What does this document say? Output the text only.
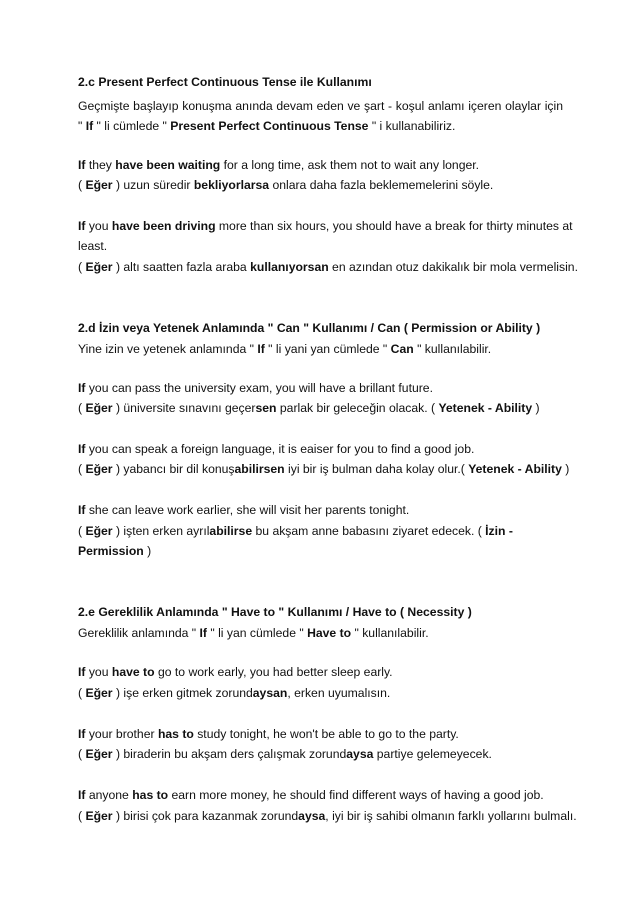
2.c Present Perfect Continuous Tense ile Kullanımı

Geçmişte başlayıp konuşma anında devam eden ve şart - koşul anlamı içeren olaylar için

" If " li cümlede " Present Perfect Continuous Tense " i kullanabiliriz.

If they have been waiting for a long time, ask them not to wait any longer.

( Eğer ) uzun süredir bekliyorlarsa onlara daha fazla beklememelerini söyle.

If you have been driving more than six hours, you should have a break for thirty minutes at

least.

( Eğer ) altı saatten fazla araba kullanıyorsan en azından otuz dakikalık bir mola vermelisin.

2.d İzin veya Yetenek Anlamında " Can " Kullanımı / Can ( Permission or Ability )

Yine izin ve yetenek anlamında " If " li yani yan cümlede " Can " kullanılabilir.

If you can pass the university exam, you will have a brillant future.

( Eğer ) üniversite sınavını geçersen parlak bir geleceğin olacak. ( Yetenek - Ability )

If you can speak a foreign language, it is eaiser for you to find a good job.

( Eğer ) yabancı bir dil konuşabilirsen iyi bir iş bulman daha kolay olur.( Yetenek - Ability )

If she can leave work earlier, she will visit her parents tonight.

( Eğer ) işten erken ayrılabilirse bu akşam anne babasını ziyaret edecek. ( İzin -

Permission )

2.e Gereklilik Anlamında " Have to " Kullanımı / Have to ( Necessity )

Gereklilik anlamında " If " li yan cümlede " Have to " kullanılabilir.

If you have to go to work early, you had better sleep early.

( Eğer ) işe erken gitmek zorundaysan, erken uyumalısın.

If your brother has to study tonight, he won't be able to go to the party.

( Eğer ) biraderin bu akşam ders çalışmak zorundaysa partiye gelemeyecek.

If anyone has to earn more money, he should find different ways of having a good job.

( Eğer ) birisi çok para kazanmak zorundaysa, iyi bir iş sahibi olmanın farklı yollarını bulmalı.
